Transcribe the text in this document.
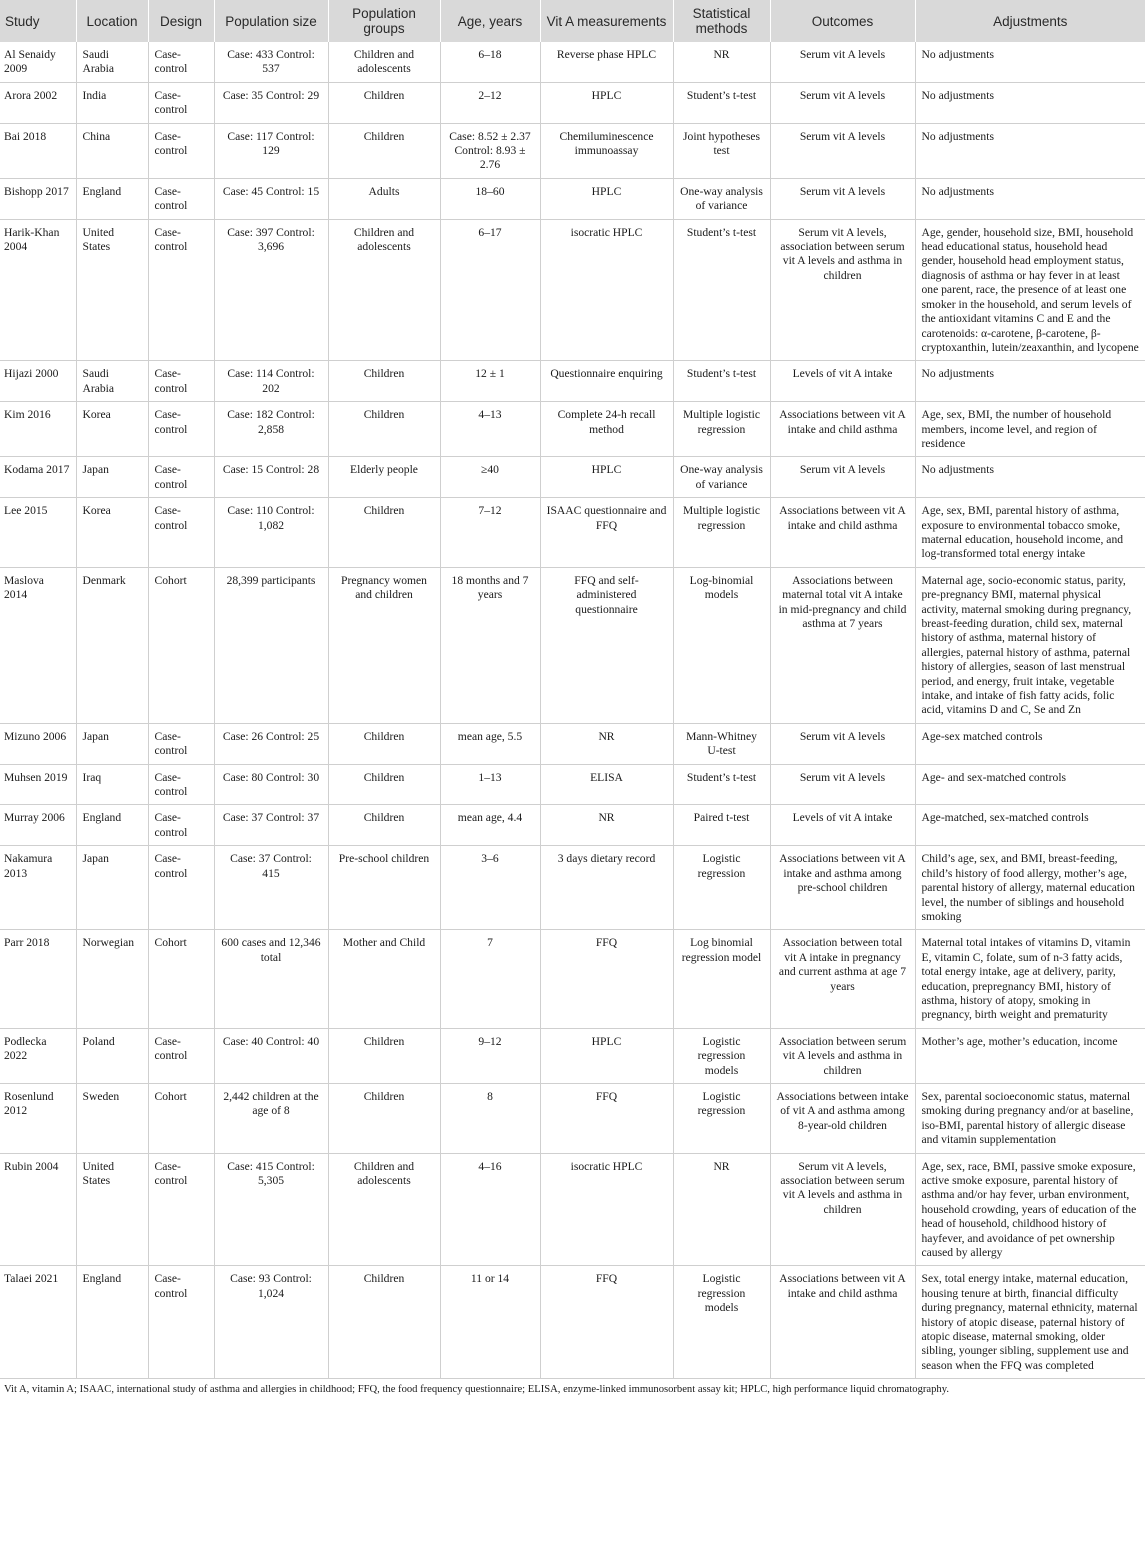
Study	Location	Design	Population size	Population groups	Age, years	Vit A measurements	Statistical methods	Outcomes	Adjustments
Al Senaidy 2009	Saudi Arabia	Case-control	Case: 433 Control: 537	Children and adolescents	6–18	Reverse phase HPLC	NR	Serum vit A levels	No adjustments
Arora 2002	India	Case-control	Case: 35 Control: 29	Children	2–12	HPLC	Student’s t-test	Serum vit A levels	No adjustments
Bai 2018	China	Case-control	Case: 117 Control: 129	Children	Case: 8.52 ± 2.37 Control: 8.93 ± 2.76	Chemiluminescence immunoassay	Joint hypotheses test	Serum vit A levels	No adjustments
Bishopp 2017	England	Case-control	Case: 45 Control: 15	Adults	18–60	HPLC	One-way analysis of variance	Serum vit A levels	No adjustments
Harik-Khan 2004	United States	Case-control	Case: 397 Control: 3,696	Children and adolescents	6–17	isocratic HPLC	Student’s t-test	Serum vit A levels, association between serum vit A levels and asthma in children	Age, gender, household size, BMI, household head educational status, household head gender, household head employment status, diagnosis of asthma or hay fever in at least one parent, race, the presence of at least one smoker in the household, and serum levels of the antioxidant vitamins C and E and the carotenoids: α-carotene, β-carotene, β-cryptoxanthin, lutein/zeaxanthin, and lycopene
Hijazi 2000	Saudi Arabia	Case-control	Case: 114 Control: 202	Children	12 ± 1	Questionnaire enquiring	Student’s t-test	Levels of vit A intake	No adjustments
Kim 2016	Korea	Case-control	Case: 182 Control: 2,858	Children	4–13	Complete 24-h recall method	Multiple logistic regression	Associations between vit A intake and child asthma	Age, sex, BMI, the number of household members, income level, and region of residence
Kodama 2017	Japan	Case-control	Case: 15 Control: 28	Elderly people	≥40	HPLC	One-way analysis of variance	Serum vit A levels	No adjustments
Lee 2015	Korea	Case-control	Case: 110 Control: 1,082	Children	7–12	ISAAC questionnaire and FFQ	Multiple logistic regression	Associations between vit A intake and child asthma	Age, sex, BMI, parental history of asthma, exposure to environmental tobacco smoke, maternal education, household income, and log-transformed total energy intake
Maslova 2014	Denmark	Cohort	28,399 participants	Pregnancy women and children	18 months and 7 years	FFQ and self-administered questionnaire	Log-binomial models	Associations between maternal total vit A intake in mid-pregnancy and child asthma at 7 years	Maternal age, socio-economic status, parity, pre-pregnancy BMI, maternal physical activity, maternal smoking during pregnancy, breast-feeding duration, child sex, maternal history of asthma, maternal history of allergies, paternal history of asthma, paternal history of allergies, season of last menstrual period, and energy, fruit intake, vegetable intake, and intake of fish fatty acids, folic acid, vitamins D and C, Se and Zn
Mizuno 2006	Japan	Case-control	Case: 26 Control: 25	Children	mean age, 5.5	NR	Mann-Whitney U-test	Serum vit A levels	Age-sex matched controls
Muhsen 2019	Iraq	Case-control	Case: 80 Control: 30	Children	1–13	ELISA	Student’s t-test	Serum vit A levels	Age- and sex-matched controls
Murray 2006	England	Case-control	Case: 37 Control: 37	Children	mean age, 4.4	NR	Paired t-test	Levels of vit A intake	Age-matched, sex-matched controls
Nakamura 2013	Japan	Case-control	Case: 37 Control: 415	Pre-school children	3–6	3 days dietary record	Logistic regression	Associations between vit A intake and asthma among pre-school children	Child’s age, sex, and BMI, breast-feeding, child’s history of food allergy, mother’s age, parental history of allergy, maternal education level, the number of siblings and household smoking
Parr 2018	Norwegian	Cohort	600 cases and 12,346 total	Mother and Child	7	FFQ	Log binomial regression model	Association between total vit A intake in pregnancy and current asthma at age 7 years	Maternal total intakes of vitamins D, vitamin E, vitamin C, folate, sum of n-3 fatty acids, total energy intake, age at delivery, parity, education, prepregnancy BMI, history of asthma, history of atopy, smoking in pregnancy, birth weight and prematurity
Podlecka 2022	Poland	Case-control	Case: 40 Control: 40	Children	9–12	HPLC	Logistic regression models	Association between serum vit A levels and asthma in children	Mother’s age, mother’s education, income
Rosenlund 2012	Sweden	Cohort	2,442 children at the age of 8	Children	8	FFQ	Logistic regression	Associations between intake of vit A and asthma among 8-year-old children	Sex, parental socioeconomic status, maternal smoking during pregnancy and/or at baseline, iso-BMI, parental history of allergic disease and vitamin supplementation
Rubin 2004	United States	Case-control	Case: 415 Control: 5,305	Children and adolescents	4–16	isocratic HPLC	NR	Serum vit A levels, association between serum vit A levels and asthma in children	Age, sex, race, BMI, passive smoke exposure, active smoke exposure, parental history of asthma and/or hay fever, urban environment, household crowding, years of education of the head of household, childhood history of hayfever, and avoidance of pet ownership caused by allergy
Talaei 2021	England	Case-control	Case: 93 Control: 1,024	Children	11 or 14	FFQ	Logistic regression models	Associations between vit A intake and child asthma	Sex, total energy intake, maternal education, housing tenure at birth, financial difficulty during pregnancy, maternal ethnicity, maternal history of atopic disease, paternal history of atopic disease, maternal smoking, older sibling, younger sibling, supplement use and season when the FFQ was completed
Vit A, vitamin A; ISAAC, international study of asthma and allergies in childhood; FFQ, the food frequency questionnaire; ELISA, enzyme-linked immunosorbent assay kit; HPLC, high performance liquid chromatography.
